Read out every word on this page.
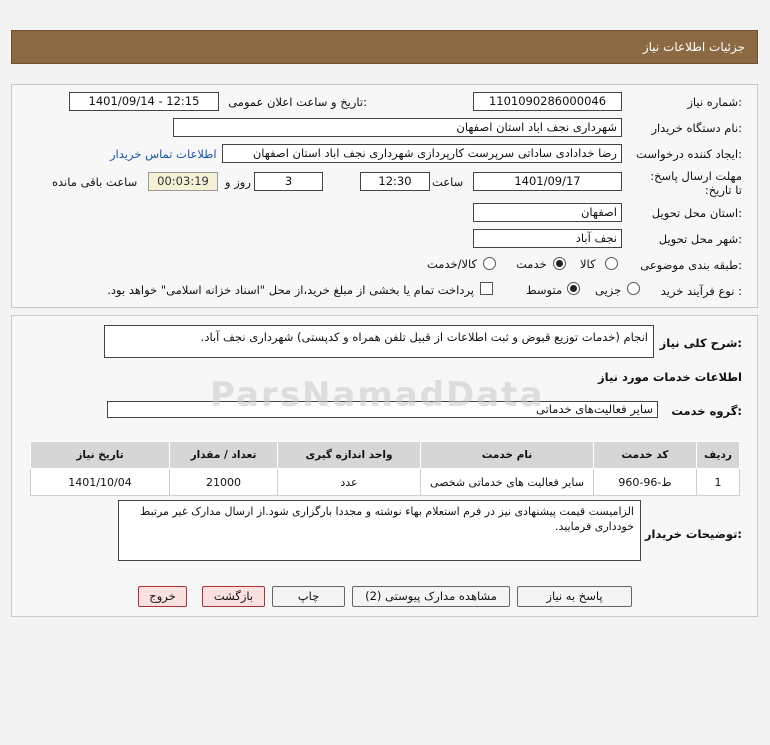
جزئیات اطلاعات نیاز
شماره نیاز:
1101090286000046
تاریخ و ساعت اعلان عمومی:
1401/09/14 - 12:15
نام دستگاه خریدار:
شهرداری نجف اباد استان اصفهان
ایجاد کننده درخواست:
رضا خدادادی ساداتی سرپرست کارپردازی شهرداری نجف اباد استان اصفهان
اطلاعات تماس خریدار
مهلت ارسال پاسخ: تا تاریخ:
1401/09/17
ساعت
12:30
3
روز و
00:03:19
ساعت باقی مانده
استان محل تحویل:
اصفهان
شهر محل تحویل:
نجف آباد
طبقه بندی موضوعی:
کالا
خدمت
کالا/خدمت
نوع فرآیند خرید :
جزیی
متوسط
پرداخت تمام یا بخشی از مبلغ خرید،از محل "اسناد خزانه اسلامی" خواهد بود.
شرح کلی نیاز:
انجام (خدمات توزیع قبوض و ثبت اطلاعات از قبیل تلفن همراه و کدپستی) شهرداری نجف آباد.
اطلاعات خدمات مورد نیاز
گروه خدمت:
سایر فعالیت‌های خدماتی
ParsNamadData
ردیف	کد خدمت	نام خدمت	واحد اندازه گیری	تعداد / مقدار	تاریخ نیاز
1	ط-96-960	سایر فعالیت های خدماتی شخصی	عدد	21000	1401/10/04
توضیحات خریدار:
الزامیست قیمت پیشنهادی نیز در فرم استعلام بهاء نوشته و مجددا بارگزاری شود.از ارسال مدارک غیر مرتبط خودداری فرمایید.
پاسخ به نیاز
مشاهده مدارک پیوستی (2)
چاپ
بازگشت
خروج
